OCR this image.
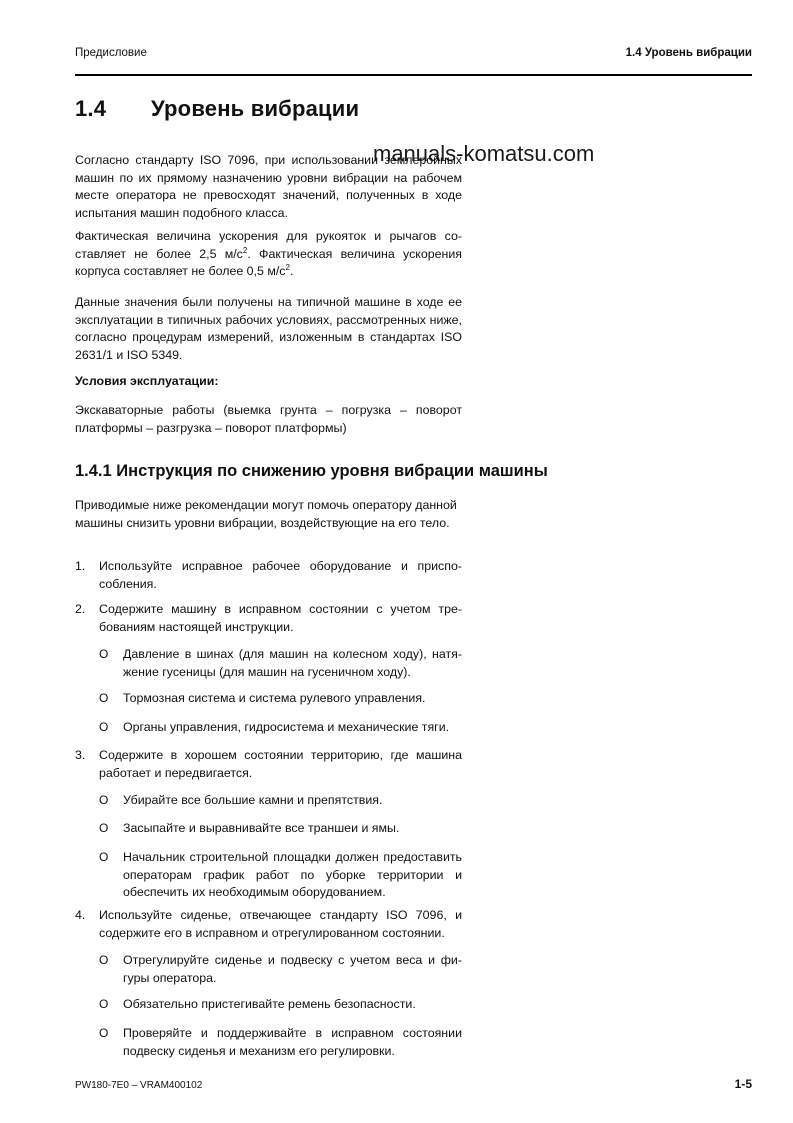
Предисловие	1.4 Уровень вибрации
1.4 Уровень вибрации
manuals-komatsu.com

Согласно стандарту ISO 7096, при использовании землеройных машин по их прямому назначению уровни вибрации на рабочем месте оператора не превосходят значений, полученных в ходе испытания машин подобного класса.

Фактическая величина ускорения для рукояток и рычагов составляет не более 2,5 $м/с^2$. Фактическая величина ускорения корпуса составляет не более 0,5 $м/с^2$.

Данные значения были получены на типичной машине в ходе ее эксплуатации в типичных рабочих условиях, рассмотренных ниже, согласно процедурам измерений, изложенным в стандартах ISO 2631/1 и ISO 5349.

Условия эксплуатации:

Экскаваторные работы (выемка грунта – погрузка – поворот платформы – разгрузка – поворот платформы)

1.4.1 Инструкция по снижению уровня вибрации машины

Приводимые ниже рекомендации могут помочь оператору данной машины снизить уровни вибрации, воздействующие на его тело.

1.	Используйте исправное рабочее оборудование и приспособления.
2.	Содержите машину в исправном состоянии с учетом требованиям настоящей инструкции.
O Давление в шинах (для машин на колесном ходу), натяжение гусеницы (для машин на гусеничном ходу).
O Тормозная система и система рулевого управления.
O Органы управления, гидросистема и механические тяги.
3.	Содержите в хорошем состоянии территорию, где машина работает и передвигается.
O Убирайте все большие камни и препятствия.
O Засыпайте и выравнивайте все траншеи и ямы.
O Начальник строительной площадки должен предоставить операторам график работ по уборке территории и обеспечить их необходимым оборудованием.
4.	Используйте сиденье, отвечающее стандарту ISO 7096, и содержите его в исправном и отрегулированном состоянии.
O Отрегулируйте сиденье и подвеску с учетом веса и фигуры оператора.
O Обязательно пристегивайте ремень безопасности.
O Проверяйте и поддерживайте в исправном состоянии подвеску сиденья и механизм его регулировки.
PW180-7E0 – VRAM400102	1-5
